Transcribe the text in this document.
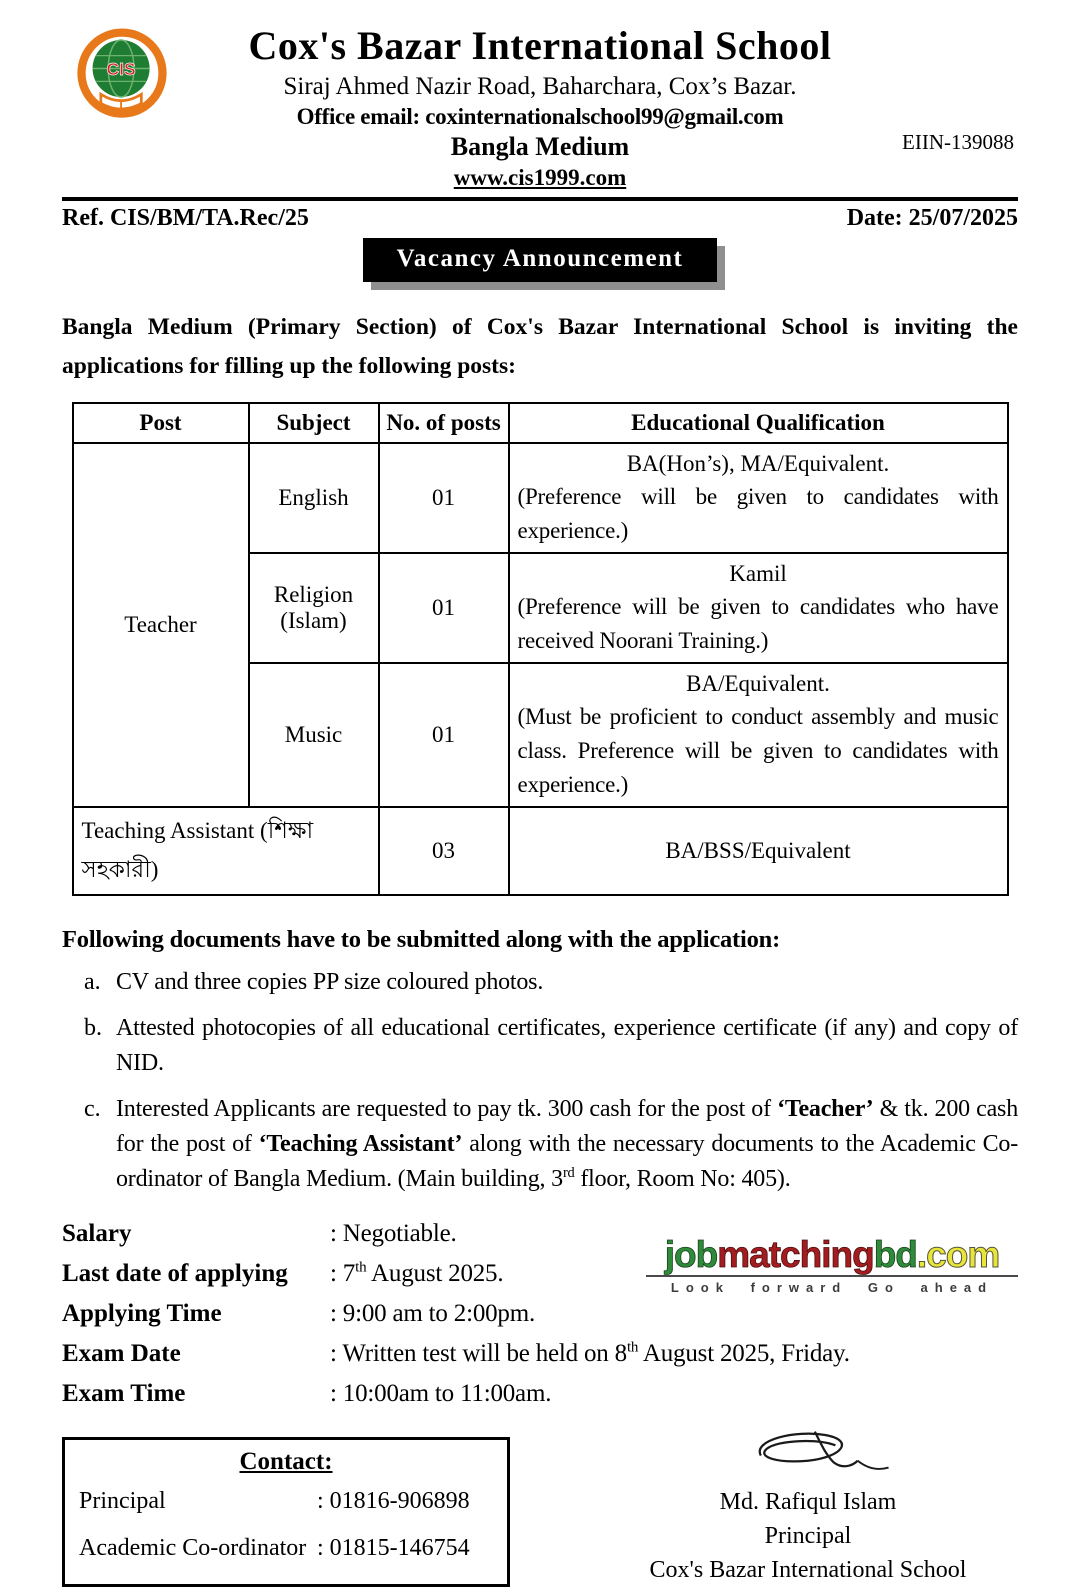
CIS
Cox's Bazar International School
Siraj Ahmed Nazir Road, Baharchara, Cox’s Bazar.
Office email: coxinternationalschool99@gmail.com
Bangla Medium
www.cis1999.com
EIIN-139088
Ref. CIS/BM/TA.Rec/25	Date: 25/07/2025
Vacancy Announcement

Bangla Medium (Primary Section) of Cox's Bazar International School is inviting the applications for filling up the following posts:

Post	Subject	No. of posts	Educational Qualification
Teacher	English	01	BA(Hon’s), MA/Equivalent.
(Preference will be given to candidates with experience.)

	Religion (Islam)	01	Kamil
(Preference will be given to candidates who have received Noorani Training.)

	Music	01	BA/Equivalent.
(Must be proficient to conduct assembly and music class. Preference will be given to candidates with experience.)

Teaching Assistant (শিক্ষা সহকারী)		03	BA/BSS/Equivalent
Following documents have to be submitted along with the application:
a. CV and three copies PP size coloured photos.
b. Attested photocopies of all educational certificates, experience certificate (if any) and copy of NID.
c. Interested Applicants are requested to pay tk. 300 cash for the post of ‘Teacher’ & tk. 200 cash for the post of ‘Teaching Assistant’ along with the necessary documents to the Academic Co-ordinator of Bangla Medium. (Main building, 3rd floor, Room No: 405).
jobmatchingbd.com
Look forward Go ahead
Salary	: Negotiable.
Last date of applying	: 7th August 2025.
Applying Time	: 9:00 am to 2:00pm.
Exam Date	: Written test will be held on 8th August 2025, Friday.
Exam Time	: 10:00am to 11:00am.
Contact:
Principal	: 01816-906898
Academic Co-ordinator : 01815-146754
Md. Rafiqul Islam
Principal
Cox's Bazar International School
